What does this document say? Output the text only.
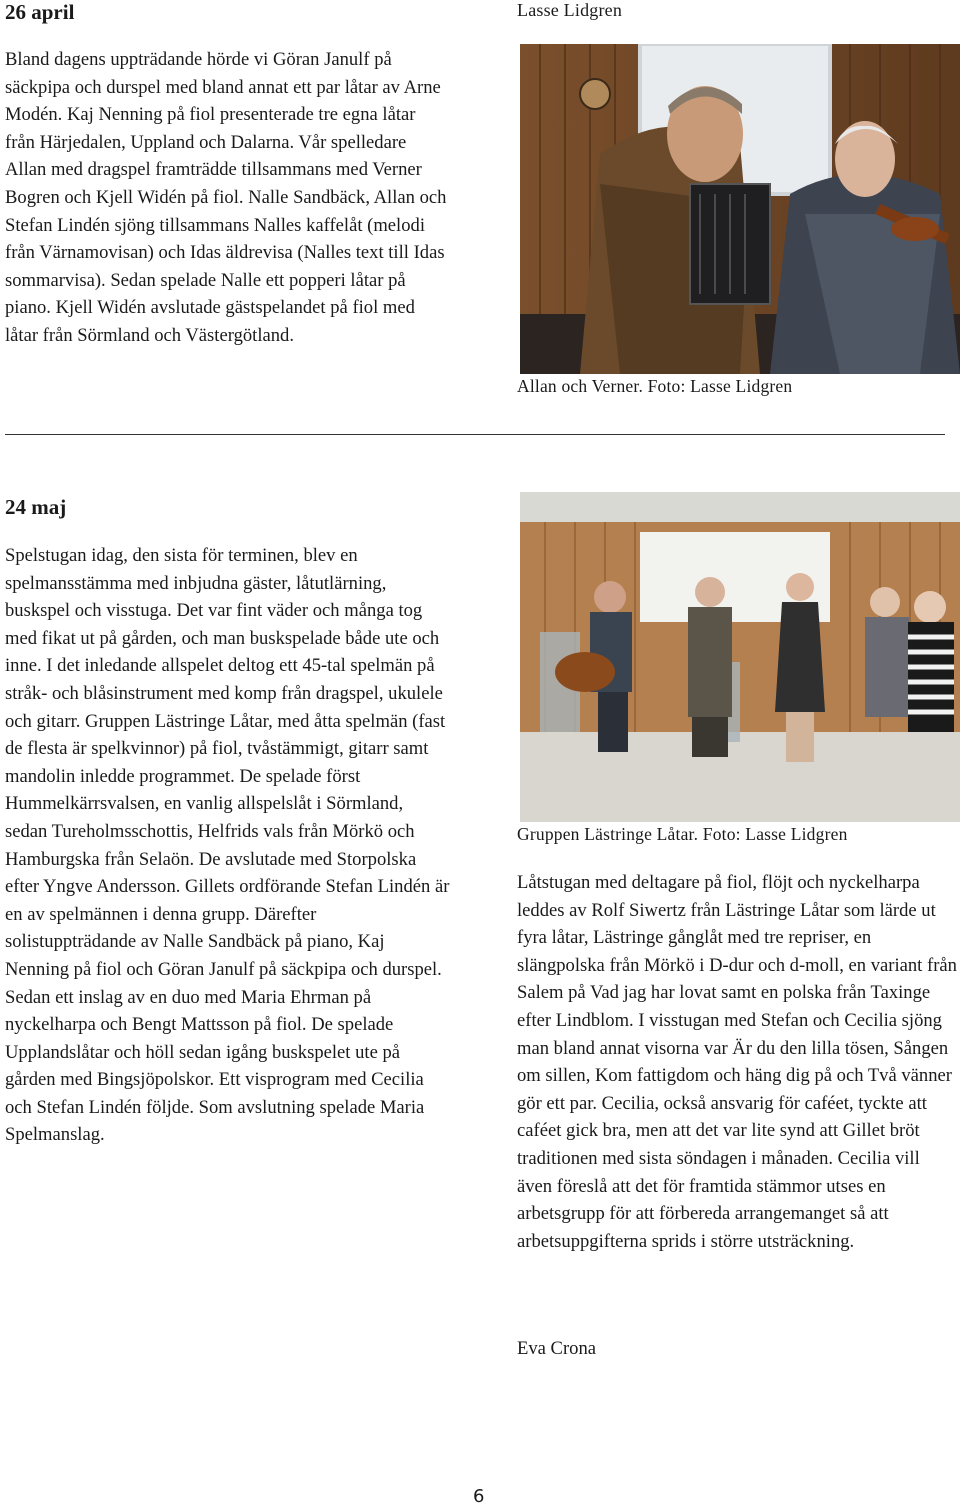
26 april	Lasse Lidgren

Bland dagens uppträdande hörde vi Göran Janulf på säckpipa och durspel med bland annat ett par låtar av Arne Modén. Kaj Nenning på fiol presenterade tre egna låtar från Härjedalen, Uppland och Dalarna. Vår spelledare Allan med dragspel framträdde tillsammans med Verner Bogren och Kjell Widén på fiol. Nalle Sandbäck, Allan och Stefan Lindén sjöng tillsammans Nalles kaffelåt (melodi från Värnamovisan) och Idas äldrevisa (Nalles text till Idas sommarvisa). Sedan spelade Nalle ett popperi låtar på piano. Kjell Widén avslutade gästspelandet på fiol med låtar från Sörmland och Västergötland.

Allan och Verner. Foto: Lasse Lidgren
24 maj

Spelstugan idag, den sista för terminen, blev en spelmansstämma med inbjudna gäster, låtutlärning, buskspel och visstuga. Det var fint väder och många tog med fikat ut på gården, och man buskspelade både ute och inne. I det inledande allspelet deltog ett 45-tal spelmän på stråk- och blåsinstrument med komp från dragspel, ukulele och gitarr. Gruppen Lästringe Låtar, med åtta spelmän (fast de flesta är spelkvinnor) på fiol, tvåstämmigt, gitarr samt mandolin inledde programmet. De spelade först Hummelkärrsvalsen, en vanlig allspelslåt i Sörmland, sedan Tureholmsschottis, Helfrids vals från Mörkö och Hamburgska från Selaön. De avslutade med Storpolska efter Yngve Andersson. Gillets ordförande Stefan Lindén är en av spelmännen i denna grupp. Därefter solistuppträdande av Nalle Sandbäck på piano, Kaj Nenning på fiol och Göran Janulf på säckpipa och durspel. Sedan ett inslag av en duo med Maria Ehrman på nyckelharpa och Bengt Mattsson på fiol. De spelade Upplandslåtar och höll sedan igång buskspelet ute på gården med Bingsjöpolskor. Ett visprogram med Cecilia och Stefan Lindén följde. Som avslutning spelade Maria Spelmanslag.

Gruppen Lästringe Låtar. Foto: Lasse Lidgren

Låtstugan med deltagare på fiol, flöjt och nyckelharpa leddes av Rolf Siwertz från Lästringe Låtar som lärde ut fyra låtar, Lästringe gånglåt med tre repriser, en slängpolska från Mörkö i D-dur och d-moll, en variant från Salem på Vad jag har lovat samt en polska från Taxinge efter Lindblom. I visstugan med Stefan och Cecilia sjöng man bland annat visorna var Är du den lilla tösen, Sången om sillen, Kom fattigdom och häng dig på och Två vänner gör ett par. Cecilia, också ansvarig för caféet, tyckte att caféet gick bra, men att det var lite synd att Gillet bröt traditionen med sista söndagen i månaden. Cecilia vill även föreslå att det för framtida stämmor utses en arbetsgrupp för att förbereda arrangemanget så att arbetsuppgifterna sprids i större utsträckning.

Eva Crona
6
